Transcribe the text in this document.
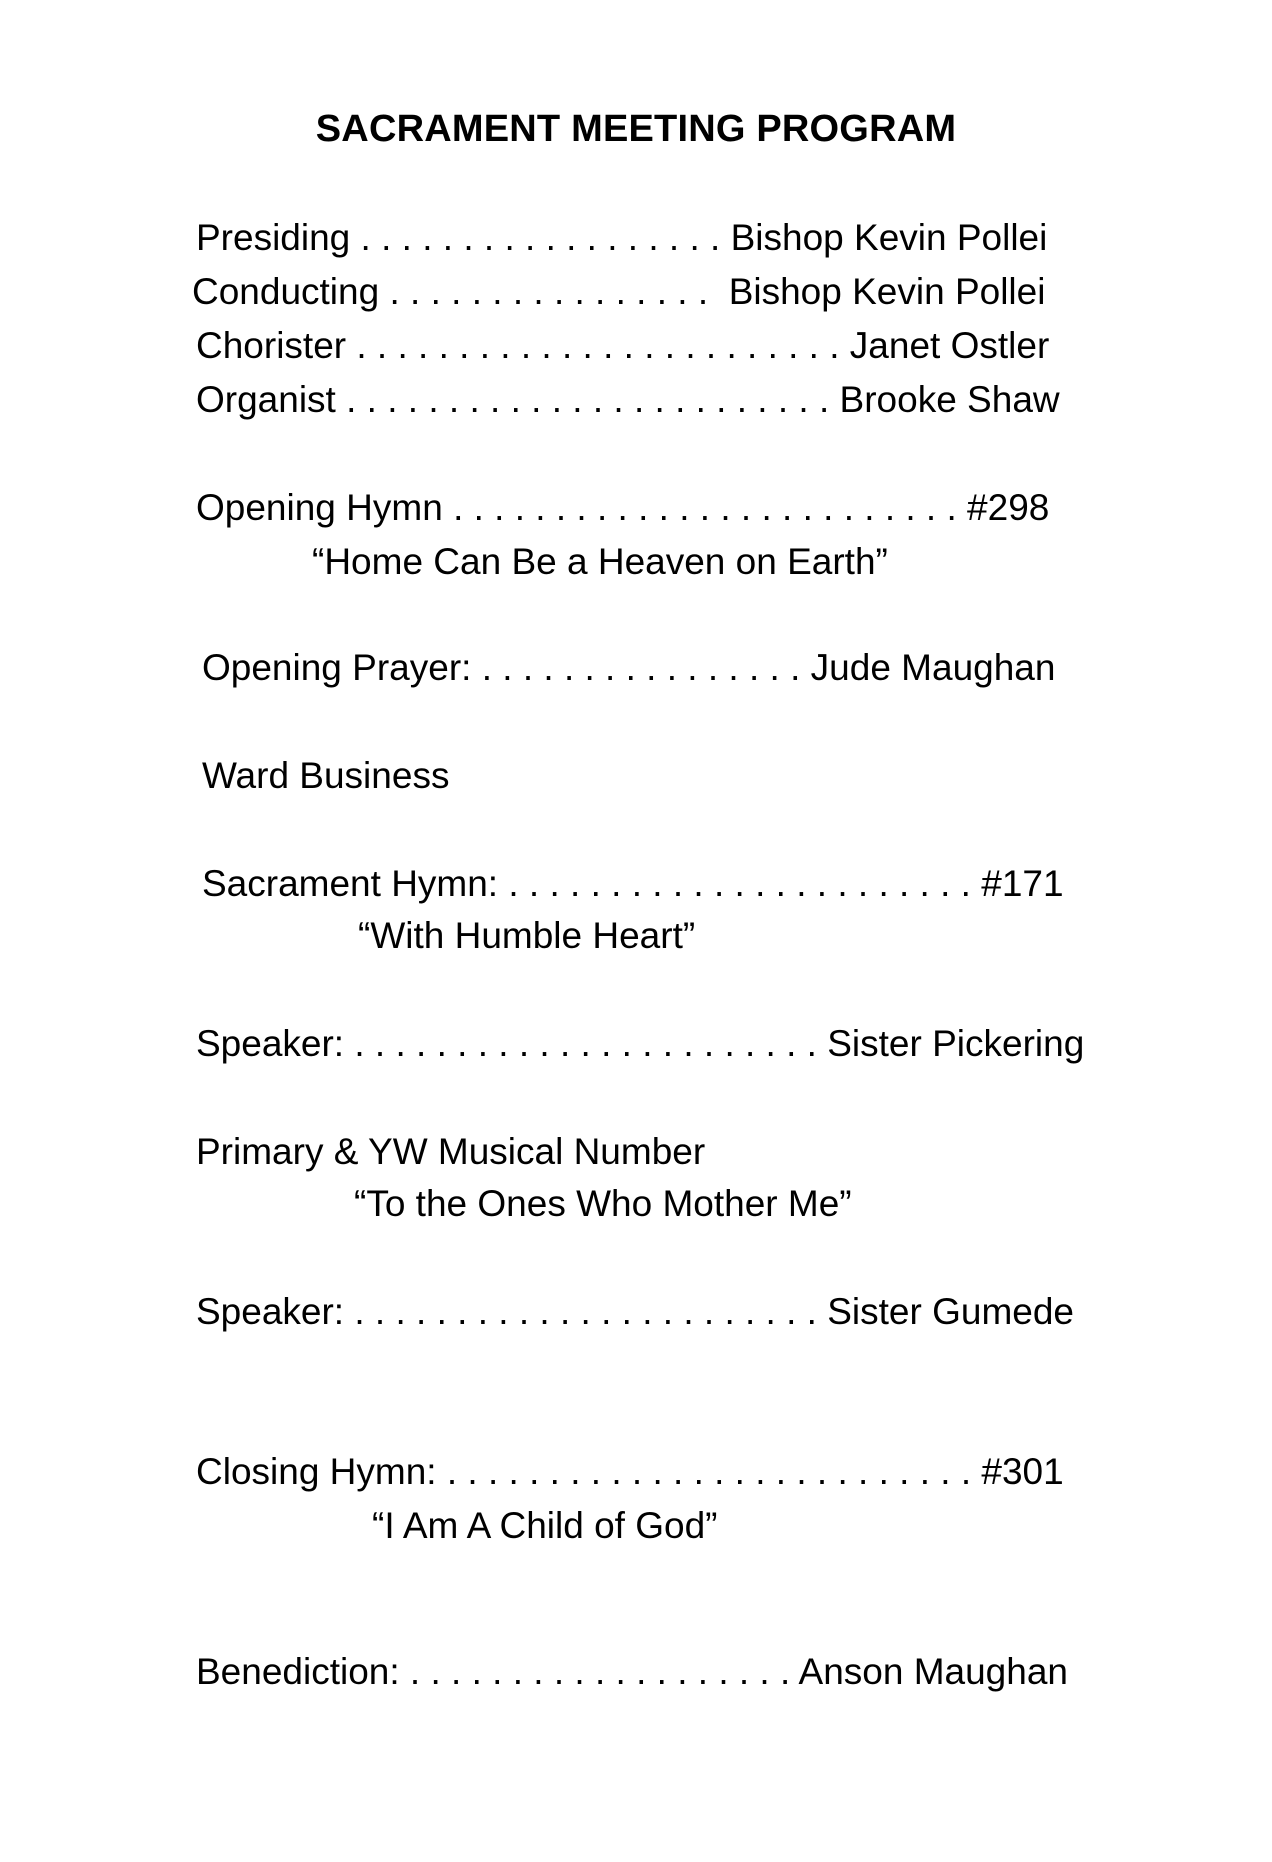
SACRAMENT MEETING PROGRAM
Presiding . . . . . . . . . . . . . . . . . . Bishop Kevin Pollei
Conducting . . . . . . . . . . . . . . . .  Bishop Kevin Pollei
Chorister . . . . . . . . . . . . . . . . . . . . . . . . Janet Ostler
Organist . . . . . . . . . . . . . . . . . . . . . . . . Brooke Shaw
Opening Hymn . . . . . . . . . . . . . . . . . . . . . . . . . #298
“Home Can Be a Heaven on Earth”
Opening Prayer: . . . . . . . . . . . . . . . . Jude Maughan
Ward Business
Sacrament Hymn: . . . . . . . . . . . . . . . . . . . . . . . #171
“With Humble Heart”
Speaker: . . . . . . . . . . . . . . . . . . . . . . . Sister Pickering
Primary & YW Musical Number
“To the Ones Who Mother Me”
Speaker: . . . . . . . . . . . . . . . . . . . . . . . Sister Gumede
Closing Hymn: . . . . . . . . . . . . . . . . . . . . . . . . . . #301
“I Am A Child of God”
Benediction: . . . . . . . . . . . . . . . . . . . Anson Maughan
